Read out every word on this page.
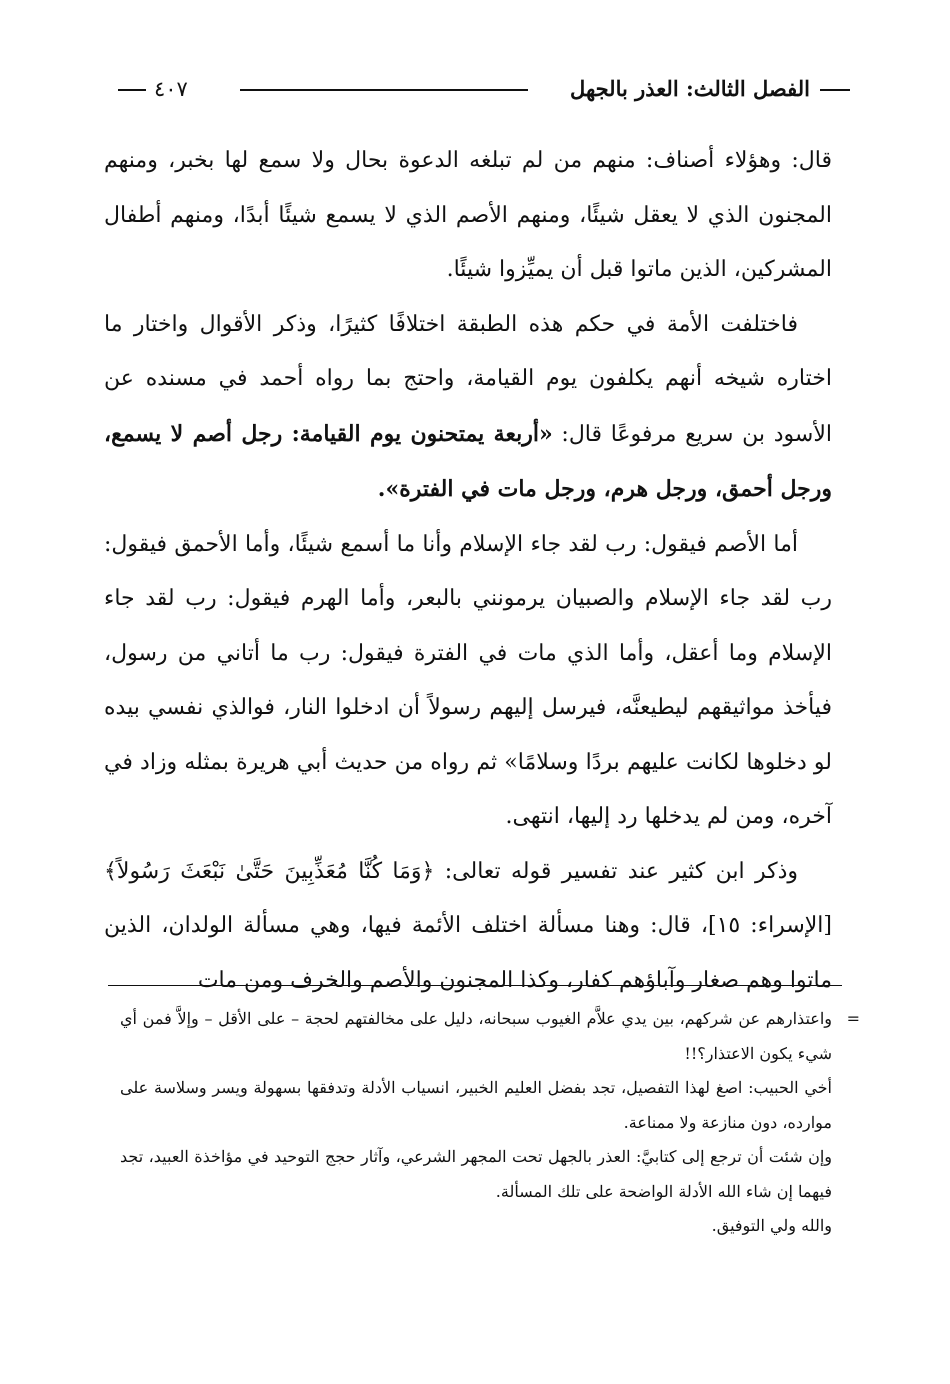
الفصل الثالث: العذر بالجهل
٤٠٧

قال: وهؤلاء أصناف: منهم من لم تبلغه الدعوة بحال ولا سمع لها بخبر، ومنهم المجنون الذي لا يعقل شيئًا، ومنهم الأصم الذي لا يسمع شيئًا أبدًا، ومنهم أطفال المشركين، الذين ماتوا قبل أن يميِّزوا شيئًا.

فاختلفت الأمة في حكم هذه الطبقة اختلافًا كثيرًا، وذكر الأقوال واختار ما اختاره شيخه أنهم يكلفون يوم القيامة، واحتج بما رواه أحمد في مسنده عن الأسود بن سريع مرفوعًا قال: «أربعة يمتحنون يوم القيامة: رجل أصم لا يسمع، ورجل أحمق، ورجل هرم، ورجل مات في الفترة».

أما الأصم فيقول: رب لقد جاء الإسلام وأنا ما أسمع شيئًا، وأما الأحمق فيقول: رب لقد جاء الإسلام والصبيان يرمونني بالبعر، وأما الهرم فيقول: رب لقد جاء الإسلام وما أعقل، وأما الذي مات في الفترة فيقول: رب ما أتاني من رسول، فيأخذ مواثيقهم ليطيعنَّه، فيرسل إليهم رسولاً أن ادخلوا النار، فوالذي نفسي بيده لو دخلوها لكانت عليهم بردًا وسلامًا» ثم رواه من حديث أبي هريرة بمثله وزاد في آخره، ومن لم يدخلها رد إليها، انتهى.

وذكر ابن كثير عند تفسير قوله تعالى: ﴿وَمَا كُنَّا مُعَذِّبِينَ حَتَّىٰ نَبْعَثَ رَسُولاً﴾ [الإسراء: ١٥]، قال: وهنا مسألة اختلف الأئمة فيها، وهي مسألة الولدان، الذين ماتوا وهم صغار وآباؤهم كفار، وكذا المجنون والأصم والخرف ومن مات

=

واعتذارهم عن شركهم، بين يدي علاَّم الغيوب سبحانه، دليل على مخالفتهم لحجة – على الأقل – وإلاَّ فمن أي شيء يكون الاعتذار؟!!

أخي الحبيب: اصغ لهذا التفصيل، تجد بفضل العليم الخبير، انسياب الأدلة وتدفقها بسهولة ويسر وسلاسة على موارده، دون منازعة ولا ممناعة.

وإن شئت أن ترجع إلى كتابيَّ: العذر بالجهل تحت المجهر الشرعي، وآثار حجج التوحيد في مؤاخذة العبيد، تجد فيهما إن شاء الله الأدلة الواضحة على تلك المسألة.

والله ولي التوفيق.
